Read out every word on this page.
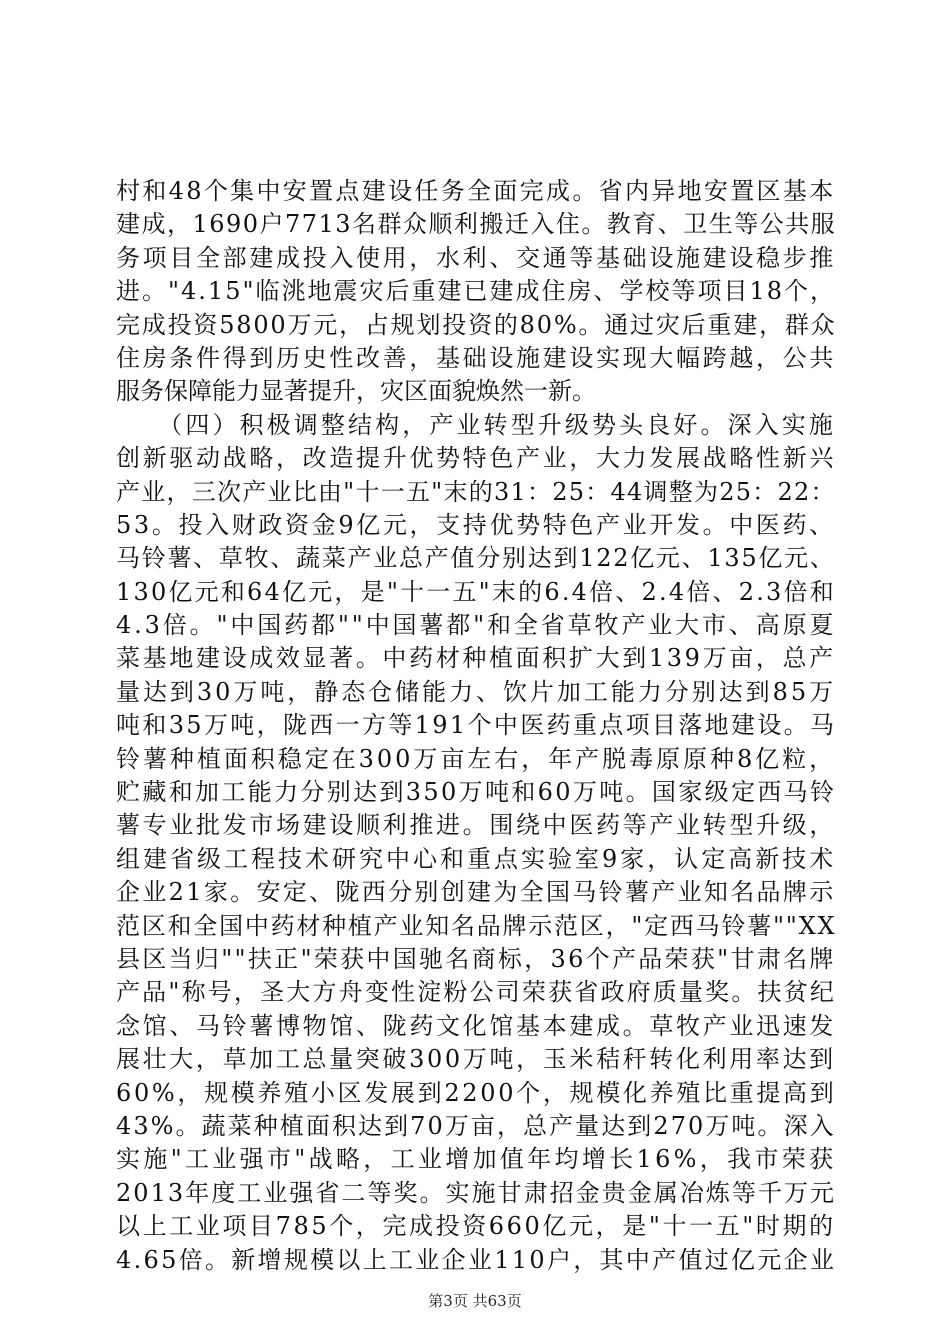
村和48个集中安置点建设任务全面完成。省内异地安置区基本
建成，1690户7713名群众顺利搬迁入住。教育、卫生等公共服
务项目全部建成投入使用，水利、交通等基础设施建设稳步推
进。"4.15"临洮地震灾后重建已建成住房、学校等项目18个，
完成投资5800万元，占规划投资的80%。通过灾后重建，群众
住房条件得到历史性改善，基础设施建设实现大幅跨越，公共
服务保障能力显著提升，灾区面貌焕然一新。
　　（四）积极调整结构，产业转型升级势头良好。深入实施
创新驱动战略，改造提升优势特色产业，大力发展战略性新兴
产业，三次产业比由"十一五"末的31：25：44调整为25：22：
53。投入财政资金9亿元，支持优势特色产业开发。中医药、
马铃薯、草牧、蔬菜产业总产值分别达到122亿元、135亿元、
130亿元和64亿元，是"十一五"末的6.4倍、2.4倍、2.3倍和
4.3倍。"中国药都""中国薯都"和全省草牧产业大市、高原夏
菜基地建设成效显著。中药材种植面积扩大到139万亩，总产
量达到30万吨，静态仓储能力、饮片加工能力分别达到85万
吨和35万吨，陇西一方等191个中医药重点项目落地建设。马
铃薯种植面积稳定在300万亩左右，年产脱毒原原种8亿粒，
贮藏和加工能力分别达到350万吨和60万吨。国家级定西马铃
薯专业批发市场建设顺利推进。围绕中医药等产业转型升级，
组建省级工程技术研究中心和重点实验室9家，认定高新技术
企业21家。安定、陇西分别创建为全国马铃薯产业知名品牌示
范区和全国中药材种植产业知名品牌示范区，"定西马铃薯""XX
县区当归""扶正"荣获中国驰名商标，36个产品荣获"甘肃名牌
产品"称号，圣大方舟变性淀粉公司荣获省政府质量奖。扶贫纪
念馆、马铃薯博物馆、陇药文化馆基本建成。草牧产业迅速发
展壮大，草加工总量突破300万吨，玉米秸秆转化利用率达到
60%，规模养殖小区发展到2200个，规模化养殖比重提高到
43%。蔬菜种植面积达到70万亩，总产量达到270万吨。深入
实施"工业强市"战略，工业增加值年均增长16%，我市荣获
2013年度工业强省二等奖。实施甘肃招金贵金属冶炼等千万元
以上工业项目785个，完成投资660亿元，是"十一五"时期的
4.65倍。新增规模以上工业企业110户，其中产值过亿元企业
第3页 共63页
